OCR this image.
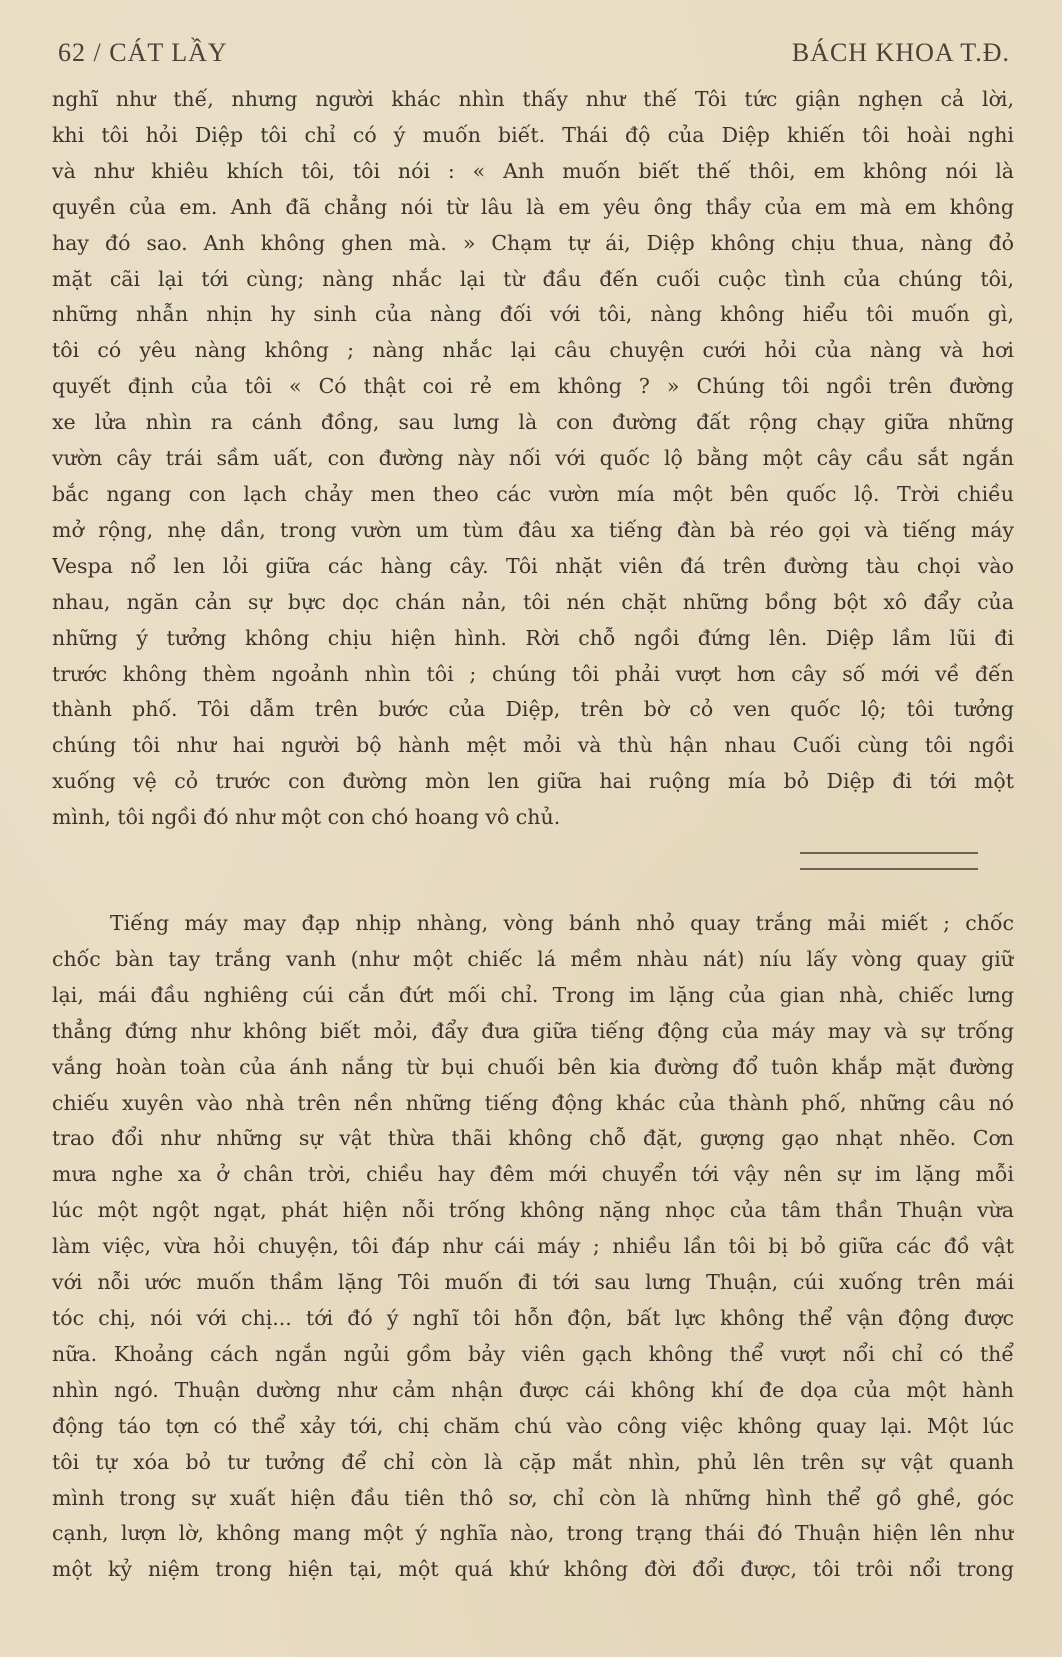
62 / CÁT LẦY	BÁCH KHOA T.Đ.
nghĩ như thế, nhưng người khác nhìn thấy như thế Tôi tức giận nghẹn cả lời,
khi tôi hỏi Diệp tôi chỉ có ý muốn biết. Thái độ của Diệp khiến tôi hoài nghi
và như khiêu khích tôi, tôi nói : « Anh muốn biết thế thôi, em không nói là
quyền của em. Anh đã chẳng nói từ lâu là em yêu ông thầy của em mà em không
hay đó sao. Anh không ghen mà. » Chạm tự ái, Diệp không chịu thua, nàng đỏ
mặt cãi lại tới cùng; nàng nhắc lại từ đầu đến cuối cuộc tình của chúng tôi,
những nhẫn nhịn hy sinh của nàng đối với tôi, nàng không hiểu tôi muốn gì,
tôi có yêu nàng không ; nàng nhắc lại câu chuyện cưới hỏi của nàng và hơi
quyết định của tôi « Có thật coi rẻ em không ? » Chúng tôi ngồi trên đường
xe lửa nhìn ra cánh đồng, sau lưng là con đường đất rộng chạy giữa những
vườn cây trái sầm uất, con đường này nối với quốc lộ bằng một cây cầu sắt ngắn
bắc ngang con lạch chảy men theo các vườn mía một bên quốc lộ. Trời chiều
mở rộng, nhẹ dần, trong vườn um tùm đâu xa tiếng đàn bà réo gọi và tiếng máy
Vespa nổ len lỏi giữa các hàng cây. Tôi nhặt viên đá trên đường tàu chọi vào
nhau, ngăn cản sự bực dọc chán nản, tôi nén chặt những bồng bột xô đẩy của
những ý tưởng không chịu hiện hình. Rời chỗ ngồi đứng lên. Diệp lầm lũi đi
trước không thèm ngoảnh nhìn tôi ; chúng tôi phải vượt hơn cây số mới về đến
thành phố. Tôi dẫm trên bước của Diệp, trên bờ cỏ ven quốc lộ; tôi tưởng
chúng tôi như hai người bộ hành mệt mỏi và thù hận nhau Cuối cùng tôi ngồi
xuống vệ cỏ trước con đường mòn len giữa hai ruộng mía bỏ Diệp đi tới một
mình, tôi ngồi đó như một con chó hoang vô chủ.
Tiếng máy may đạp nhịp nhàng, vòng bánh nhỏ quay trắng mải miết ; chốc
chốc bàn tay trắng vanh (như một chiếc lá mềm nhàu nát) níu lấy vòng quay giữ
lại, mái đầu nghiêng cúi cắn đứt mối chỉ. Trong im lặng của gian nhà, chiếc lưng
thẳng đứng như không biết mỏi, đẩy đưa giữa tiếng động của máy may và sự trống
vắng hoàn toàn của ánh nắng từ bụi chuối bên kia đường đổ tuôn khắp mặt đường
chiếu xuyên vào nhà trên nền những tiếng động khác của thành phố, những câu nó
trao đổi như những sự vật thừa thãi không chỗ đặt, gượng gạo nhạt nhẽo. Cơn
mưa nghe xa ở chân trời, chiều hay đêm mới chuyển tới vậy nên sự im lặng mỗi
lúc một ngột ngạt, phát hiện nỗi trống không nặng nhọc của tâm thần Thuận vừa
làm việc, vừa hỏi chuyện, tôi đáp như cái máy ; nhiều lần tôi bị bỏ giữa các đồ vật
với nỗi ước muốn thầm lặng Tôi muốn đi tới sau lưng Thuận, cúi xuống trên mái
tóc chị, nói với chị... tới đó ý nghĩ tôi hỗn độn, bất lực không thể vận động được
nữa. Khoảng cách ngắn ngủi gồm bảy viên gạch không thể vượt nổi chỉ có thể
nhìn ngó. Thuận dường như cảm nhận được cái không khí đe dọa của một hành
động táo tợn có thể xảy tới, chị chăm chú vào công việc không quay lại. Một lúc
tôi tự xóa bỏ tư tưởng để chỉ còn là cặp mắt nhìn, phủ lên trên sự vật quanh
mình trong sự xuất hiện đầu tiên thô sơ, chỉ còn là những hình thể gồ ghề, góc
cạnh, lượn lờ, không mang một ý nghĩa nào, trong trạng thái đó Thuận hiện lên như
một kỷ niệm trong hiện tại, một quá khứ không đời đổi được, tôi trôi nổi trong
